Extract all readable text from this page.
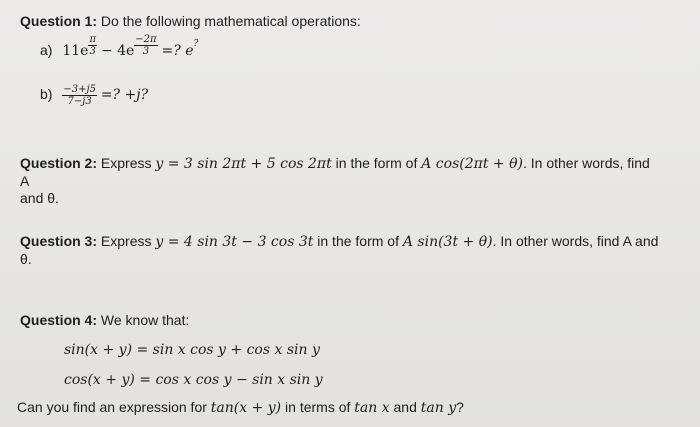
Question 1: Do the following mathematical operations:
a) $11e \frac{\pi}{3} - 4e \frac{-2\pi}{3}$ =? e?
$b) \frac{-3+j5}{7-j3}$ =? +j?
Question 2: Express y = 3 sin 2πt + 5 cos 2πt in the form of A cos(2πt + θ). In other words, find A
and θ.
Question 3: Express y = 4 sin 3t − 3 cos 3t in the form of A sin(3t + θ). In other words, find A and
θ.
Question 4: We know that:
sin(x + y) = sin x cos y + cos x sin y
cos(x + y) = cos x cos y − sin x sin y
Can you find an expression for tan(x + y) in terms of tan x and tan y?
